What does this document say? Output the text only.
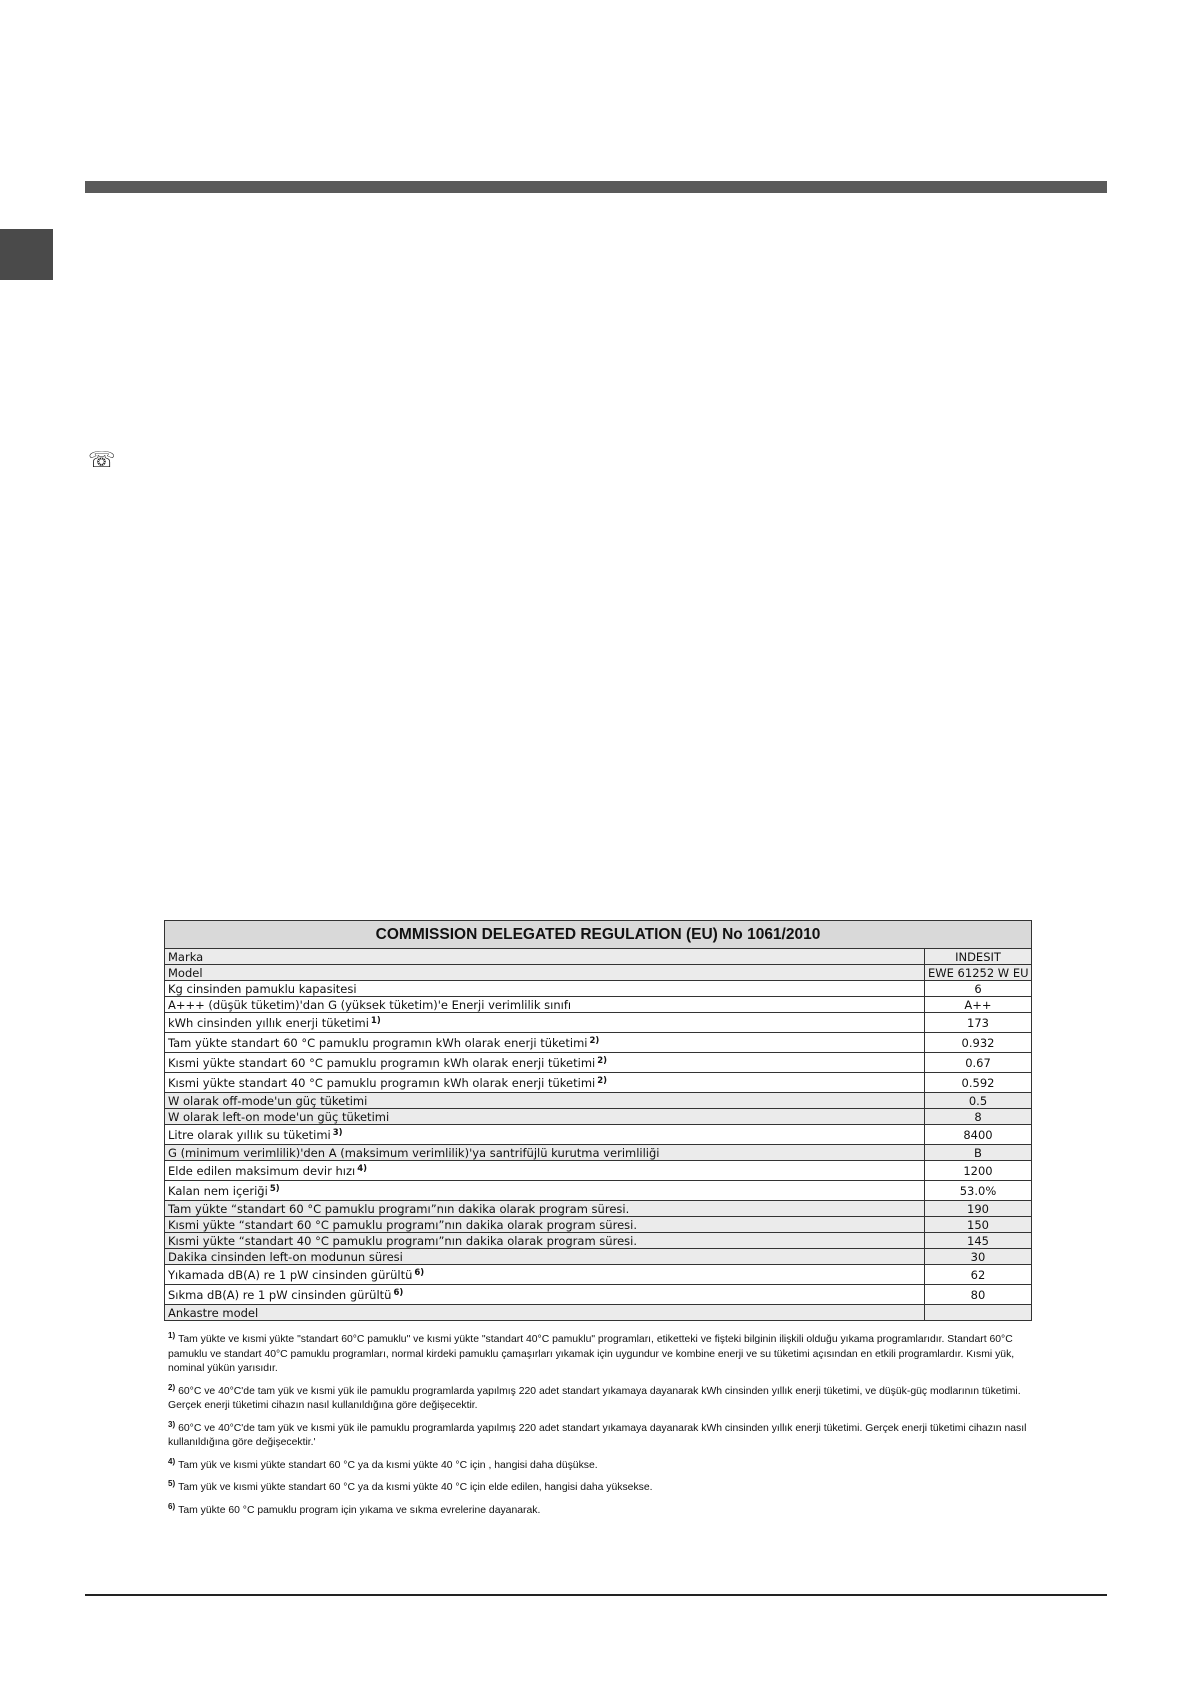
☏
COMMISSION DELEGATED REGULATION (EU) No 1061/2010	
Marka	INDESIT
Model	EWE 61252 W EU
Kg cinsinden pamuklu kapasitesi	6
A+++ (düşük tüketim)'dan G (yüksek tüketim)'e Enerji verimlilik sınıfı	A++
kWh cinsinden yıllık enerji tüketimi $^{1)}$	173
Tam yükte standart 60 °C pamuklu programın kWh olarak enerji tüketimi $^{2)}$	0.932
Kısmi yükte standart 60 °C pamuklu programın kWh olarak enerji tüketimi $^{2)}$	0.67
Kısmi yükte standart 40 °C pamuklu programın kWh olarak enerji tüketimi $^{2)}$	0.592
W olarak off-mode'un güç tüketimi	0.5
W olarak left-on mode'un güç tüketimi	8
Litre olarak yıllık su tüketimi $^{3)}$	8400
G (minimum verimlilik)'den A (maksimum verimlilik)'ya santrifüjlü kurutma verimliliği	B
Elde edilen maksimum devir hızı $^{4)}$	1200
Kalan nem içeriği $^{5)}$	53.0%
Tam yükte “standart 60 °C pamuklu programı”nın dakika olarak program süresi.	190
Kısmi yükte “standart 60 °C pamuklu programı”nın dakika olarak program süresi.	150
Kısmi yükte “standart 40 °C pamuklu programı”nın dakika olarak program süresi.	145
Dakika cinsinden left-on modunun süresi	30
Yıkamada dB(A) re 1 pW cinsinden gürültü $^{6)}$	62
Sıkma dB(A) re 1 pW cinsinden gürültü $^{6)}$	80
Ankastre model	
$^{1)}$ Tam yükte ve kısmi yükte "standart 60°C pamuklu" ve kısmi yükte "standart 40°C pamuklu" programları, etiketteki ve fişteki bilginin ilişkili olduğu yıkama programlarıdır. Standart 60°C pamuklu ve standart 40°C pamuklu programları, normal kirdeki pamuklu çamaşırları yıkamak için uygundur ve kombine enerji ve su tüketimi açısından en etkili programlardır. Kısmi yük, nominal yükün yarısıdır.
$^{2)}$ 60°C ve 40°C'de tam yük ve kısmi yük ile pamuklu programlarda yapılmış 220 adet standart yıkamaya dayanarak kWh cinsinden yıllık enerji tüketimi, ve düşük-güç modlarının tüketimi. Gerçek enerji tüketimi cihazın nasıl kullanıldığına göre değişecektir.
$^{3)}$ 60°C ve 40°C'de tam yük ve kısmi yük ile pamuklu programlarda yapılmış 220 adet standart yıkamaya dayanarak kWh cinsinden yıllık enerji tüketimi. Gerçek enerji tüketimi cihazın nasıl kullanıldığına göre değişecektir.'
$^{4)}$ Tam yük ve kısmi yükte standart 60 °C ya da kısmi yükte 40 °C için , hangisi daha düşükse.
$^{5)}$ Tam yük ve kısmi yükte standart 60 °C ya da kısmi yükte 40 °C için elde edilen, hangisi daha yüksekse.
$^{6)}$ Tam yükte 60 °C pamuklu program için yıkama ve sıkma evrelerine dayanarak.
